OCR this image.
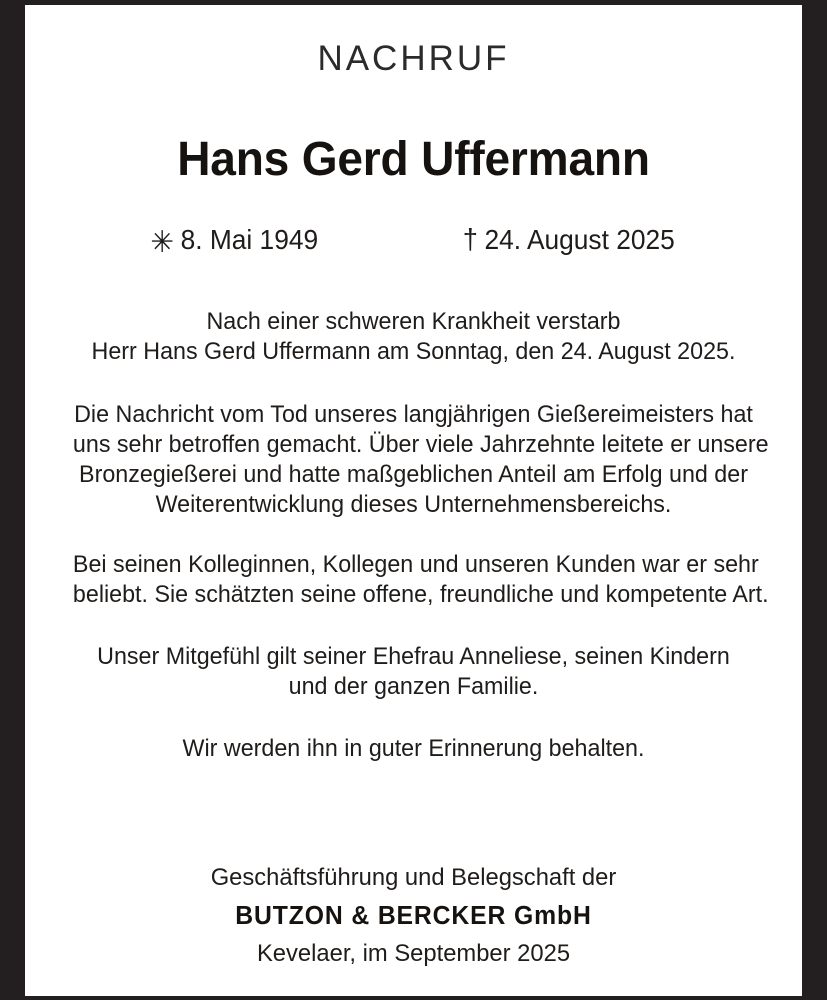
NACHRUF
Hans Gerd Uffermann
✳ 8. Mai 1949	† 24. August 2025

Nach einer schweren Krankheit verstarb
Herr Hans Gerd Uffermann am Sonntag, den 24. August 2025.

Die Nachricht vom Tod unseres langjährigen Gießereimeisters hat
uns sehr betroffen gemacht. Über viele Jahrzehnte leitete er unsere
Bronzegießerei und hatte maßgeblichen Anteil am Erfolg und der
Weiterentwicklung dieses Unternehmensbereichs.

Bei seinen Kolleginnen, Kollegen und unseren Kunden war er sehr
beliebt. Sie schätzten seine offene, freundliche und kompetente Art.

Unser Mitgefühl gilt seiner Ehefrau Anneliese, seinen Kindern
und der ganzen Familie.

Wir werden ihn in guter Erinnerung behalten.

Geschäftsführung und Belegschaft der
BUTZON & BERCKER GmbH
Kevelaer, im September 2025
